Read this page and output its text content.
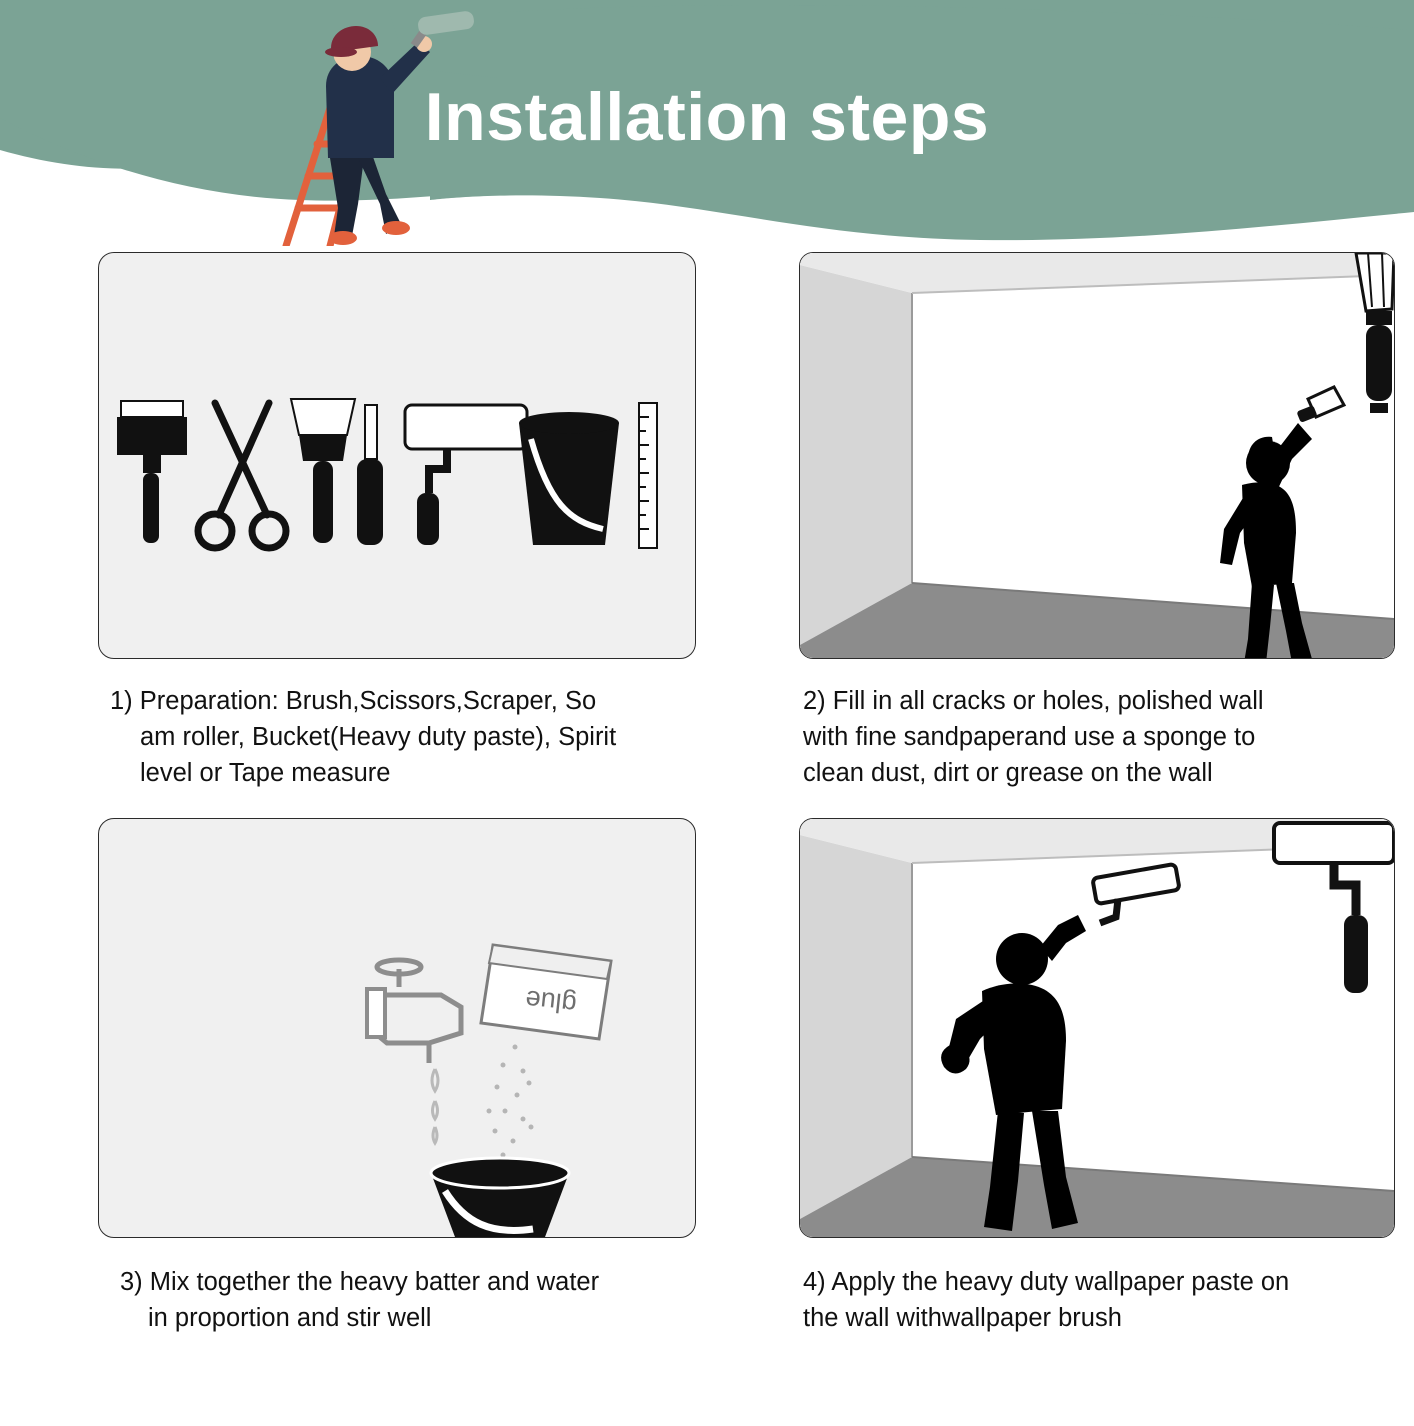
Installation steps
1) Preparation: Brush,Scissors,Scraper, So
am roller, Bucket(Heavy duty paste), Spirit
level or Tape measure
2) Fill in all cracks or holes, polished wall
with fine sandpaperand use a sponge to
clean dust, dirt or grease on the wall
glue
3) Mix together the heavy batter and water
in proportion and stir well
4) Apply the heavy duty wallpaper paste on
the wall withwallpaper brush
